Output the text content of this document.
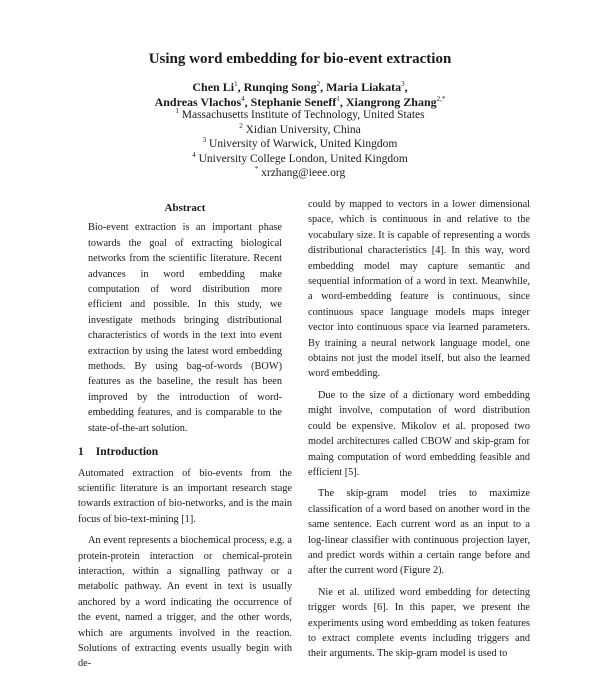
Using word embedding for bio-event extraction
Chen Li$^1$, Runqing Song$^2$, Maria Liakata$^3$,
Andreas Vlachos$^4$, Stephanie Seneff$^1$, Xiangrong Zhang$^{2,*}$
$^1$ Massachusetts Institute of Technology, United States
$^2$ Xidian University, China
$^3$ University of Warwick, United Kingdom
$^4$ University College London, United Kingdom
* xrzhang@ieee.org
Abstract

Bio-event extraction is an important phase towards the goal of extracting biological networks from the scientific literature. Recent advances in word embedding make computation of word distribution more efficient and possible. In this study, we investigate methods bringing distributional characteristics of words in the text into event extraction by using the latest word embedding methods. By using bag-of-words (BOW) features as the baseline, the result has been improved by the introduction of word-embedding features, and is comparable to the state-of-the-art solution.

1 Introduction

Automated extraction of bio-events from the scientific literature is an important research stage towards extraction of bio-networks, and is the main focus of bio-text-mining [1].

An event represents a biochemical process, e.g. a protein-protein interaction or chemical-protein interaction, within a signalling pathway or a metabolic pathway. An event in text is usually anchored by a word indicating the occurrence of the event, named a trigger, and the other words, which are arguments involved in the reaction. Solutions of extracting events usually begin with de-

could by mapped to vectors in a lower dimensional space, which is continuous in and relative to the vocabulary size. It is capable of representing a words distributional characteristics [4]. In this way, word embedding model may capture semantic and sequential information of a word in text. Meanwhile, a word-embedding feature is continuous, since continuous space language models maps integer vector into continuous space via learned parameters. By training a neural network language model, one obtains not just the model itself, but also the learned word embedding.

Due to the size of a dictionary word embedding might involve, computation of word distribution could be expensive. Mikolov et al. proposed two model architectures called CBOW and skip-gram for maing computation of word embedding feasible and efficient [5].

The skip-gram model tries to maximize classification of a word based on another word in the same sentence. Each current word as an input to a log-linear classifier with continuous projection layer, and predict words within a certain range before and after the current word (Figure 2).

Nie et al. utilized word embedding for detecting trigger words [6]. In this paper, we present the experiments using word embedding as token features to extract complete events including triggers and their arguments. The skip-gram model is used to
